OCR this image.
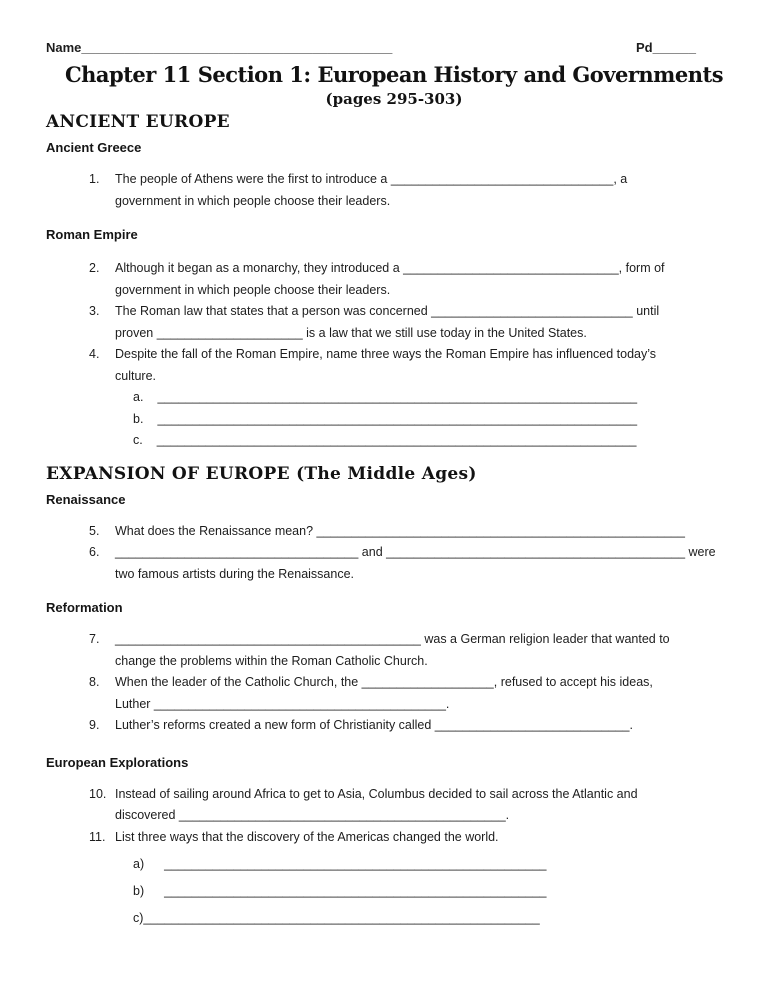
Name___________________________________________	Pd______
Chapter 11 Section 1: European History and Governments
(pages 295-303)
ANCIENT EUROPE
Ancient Greece
1.	The people of Athens were the first to introduce a ________________________________, a
government in which people choose their leaders.
Roman Empire
2.	Although it began as a monarchy, they introduced a _______________________________, form of
government in which people choose their leaders.
3.	The Roman law that states that a person was concerned _____________________________ until
proven _____________________ is a law that we still use today in the United States.
4.	Despite the fall of the Roman Empire, name three ways the Roman Empire has influenced today’s
culture.
a. _____________________________________________________________________
b. _____________________________________________________________________
c. _____________________________________________________________________
EXPANSION OF EUROPE (The Middle Ages)
Renaissance
5.	What does the Renaissance mean? _____________________________________________________
6.	___________________________________ and ___________________________________________ were
two famous artists during the Renaissance.
Reformation
7.	____________________________________________ was a German religion leader that wanted to
change the problems within the Roman Catholic Church.
8.	When the leader of the Catholic Church, the ___________________, refused to accept his ideas,
Luther __________________________________________.
9.	Luther’s reforms created a new form of Christianity called ____________________________.
European Explorations
10. Instead of sailing around Africa to get to Asia, Columbus decided to sail across the Atlantic and
discovered _______________________________________________.
11. List three ways that the discovery of the Americas changed the world.
a) _______________________________________________________
b) _______________________________________________________
c) _________________________________________________________
